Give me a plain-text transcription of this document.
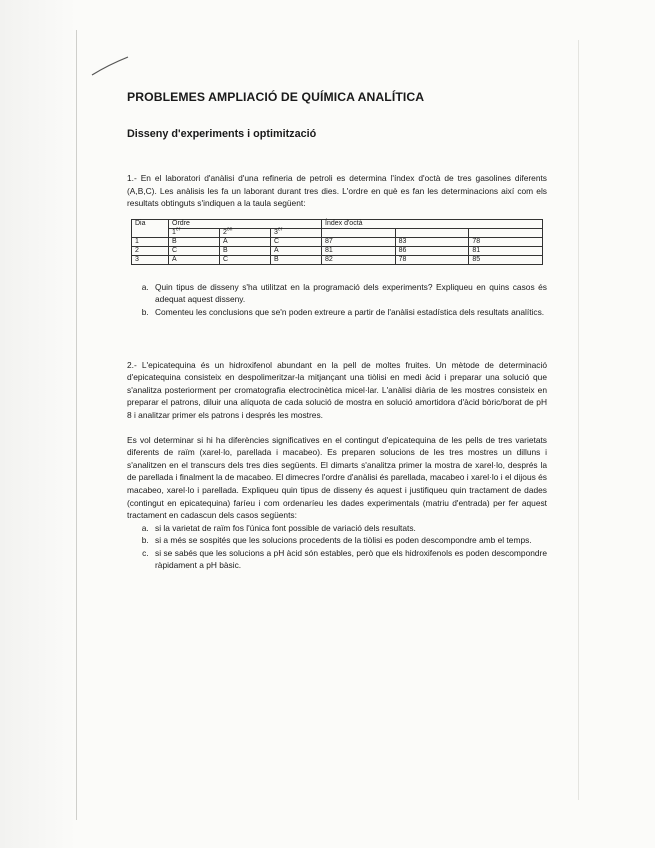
PROBLEMES AMPLIACIÓ DE QUÍMICA ANALÍTICA
Disseny d'experiments i optimització

1.- En el laboratori d'anàlisi d'una refineria de petroli es determina l'índex d'octà de tres gasolines diferents (A,B,C). Les anàlisis les fa un laborant durant tres dies. L'ordre en què es fan les determinacions així com els resultats obtinguts s'indiquen a la taula següent:

Dia	Ordre			Índex d'octà		
	1er	$2^{on}$	3er			
1	B	A	C	87	83	78
2	C	B	A	81	86	81
3	A	C	B	82	78	85
a. Quin tipus de disseny s'ha utilitzat en la programació dels experiments? Expliqueu en quins casos és adequat aquest disseny.
b. Comenteu les conclusions que se'n poden extreure a partir de l'anàlisi estadística dels resultats analítics.

2.- L'epicatequina és un hidroxifenol abundant en la pell de moltes fruites. Un mètode de determinació d'epicatequina consisteix en despolimeritzar-la mitjançant una tiòlisi en medi àcid i preparar una solució que s'analitza posteriorment per cromatografia electrocinètica micel·lar. L'anàlisi diària de les mostres consisteix en preparar el patrons, diluir una alíquota de cada solució de mostra en solució amortidora d'àcid bòric/borat de pH 8 i analitzar primer els patrons i després les mostres.

Es vol determinar si hi ha diferències significatives en el contingut d'epicatequina de les pells de tres varietats diferents de raïm (xarel·lo, parellada i macabeo). Es preparen solucions de les tres mostres un dilluns i s'analitzen en el transcurs dels tres dies següents. El dimarts s'analitza primer la mostra de xarel·lo, després la de parellada i finalment la de macabeo. El dimecres l'ordre d'anàlisi és parellada, macabeo i xarel·lo i el dijous és macabeo, xarel·lo i parellada. Expliqueu quin tipus de disseny és aquest i justifiqueu quin tractament de dades (contingut en epicatequina) faríeu i com ordenaríeu les dades experimentals (matriu d'entrada) per fer aquest tractament en cadascun dels casos següents:

a. si la varietat de raïm fos l'única font possible de variació dels resultats.
b. si a més se sospités que les solucions procedents de la tiòlisi es poden descompondre amb el temps.
c. si se sabés que les solucions a pH àcid són estables, però que els hidroxifenols es poden descompondre ràpidament a pH bàsic.
